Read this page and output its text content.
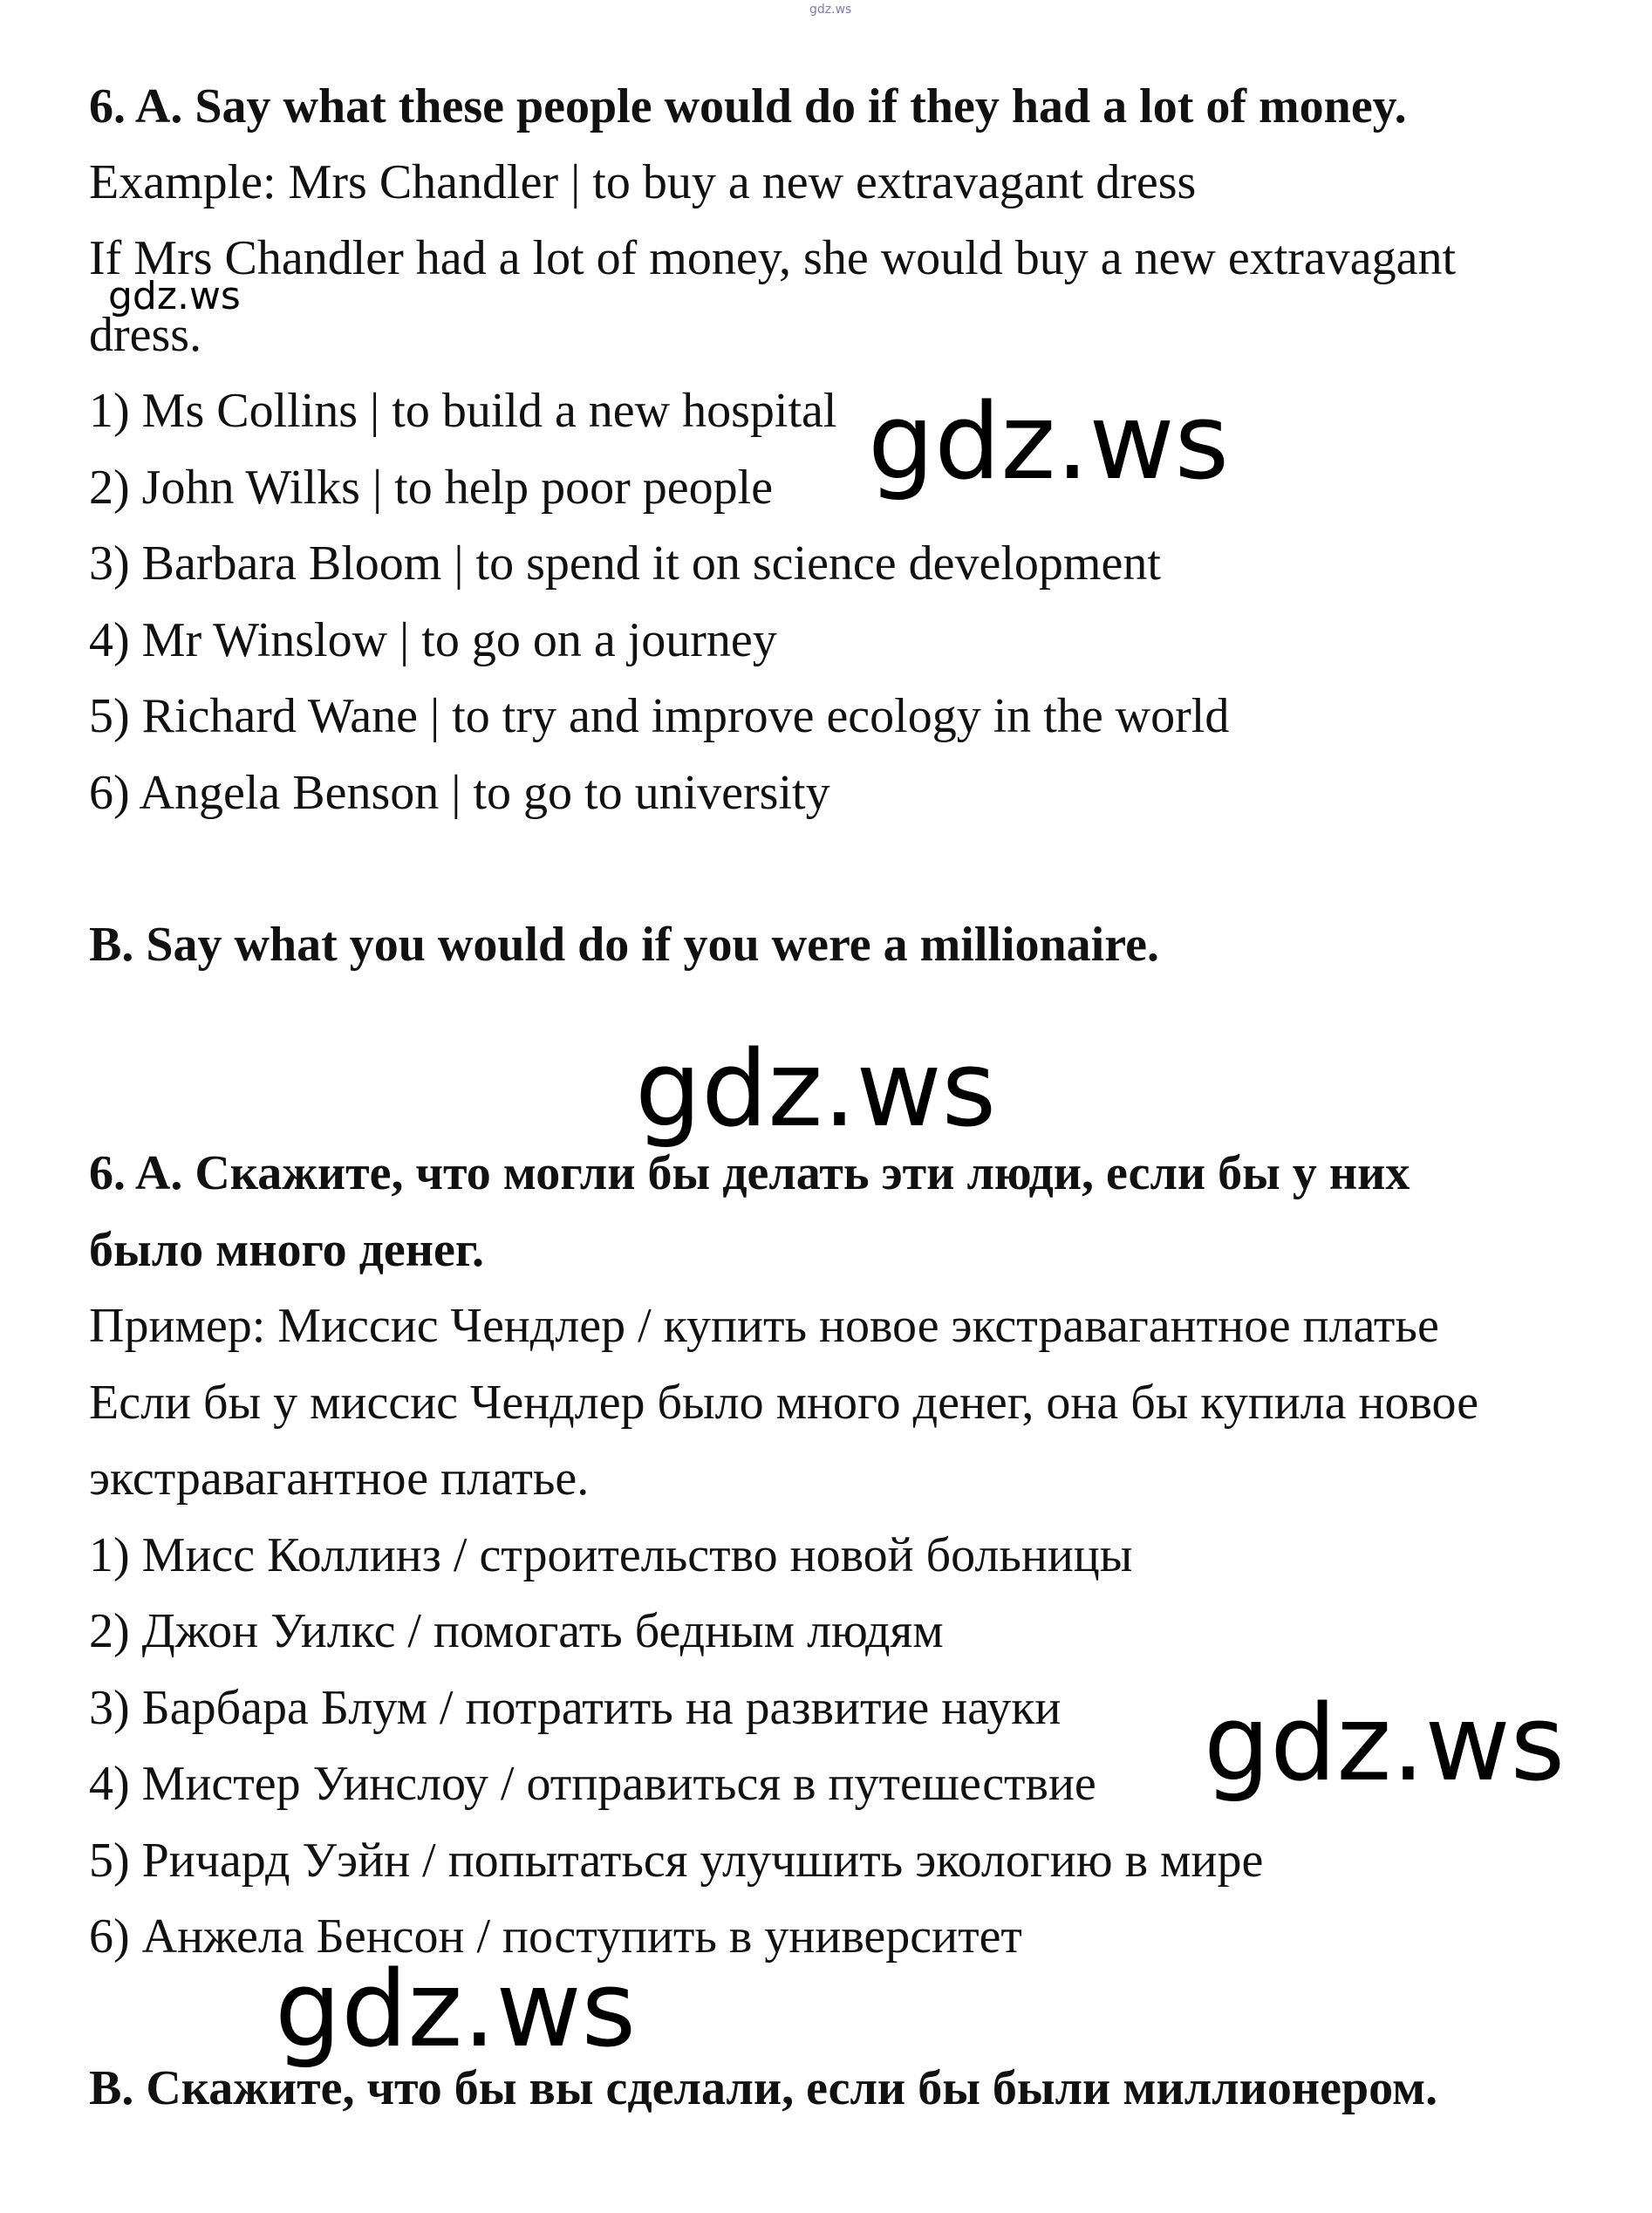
gdz.ws
gdz.ws
gdz.ws
gdz.ws
gdz.ws
gdz.ws
6. A. Say what these people would do if they had a lot of money.
Example: Mrs Chandler | to buy a new extravagant dress
If Mrs Chandler had a lot of money, she would buy a new extravagant
dress.
1) Ms Collins | to build a new hospital
2) John Wilks | to help poor people
3) Barbara Bloom | to spend it on science development
4) Mr Winslow | to go on a journey
5) Richard Wane | to try and improve ecology in the world
6) Angela Benson | to go to university
B. Say what you would do if you were a millionaire.
6. A. Скажите, что могли бы делать эти люди, если бы у них
было много денег.
Пример: Миссис Чендлер / купить новое экстравагантное платье
Если бы у миссис Чендлер было много денег, она бы купила новое
экстравагантное платье.
1) Мисс Коллинз / строительство новой больницы
2) Джон Уилкс / помогать бедным людям
3) Барбара Блум / потратить на развитие науки
4) Мистер Уинслоу / отправиться в путешествие
5) Ричард Уэйн / попытаться улучшить экологию в мире
6) Анжела Бенсон / поступить в университет
В. Скажите, что бы вы сделали, если бы были миллионером.
